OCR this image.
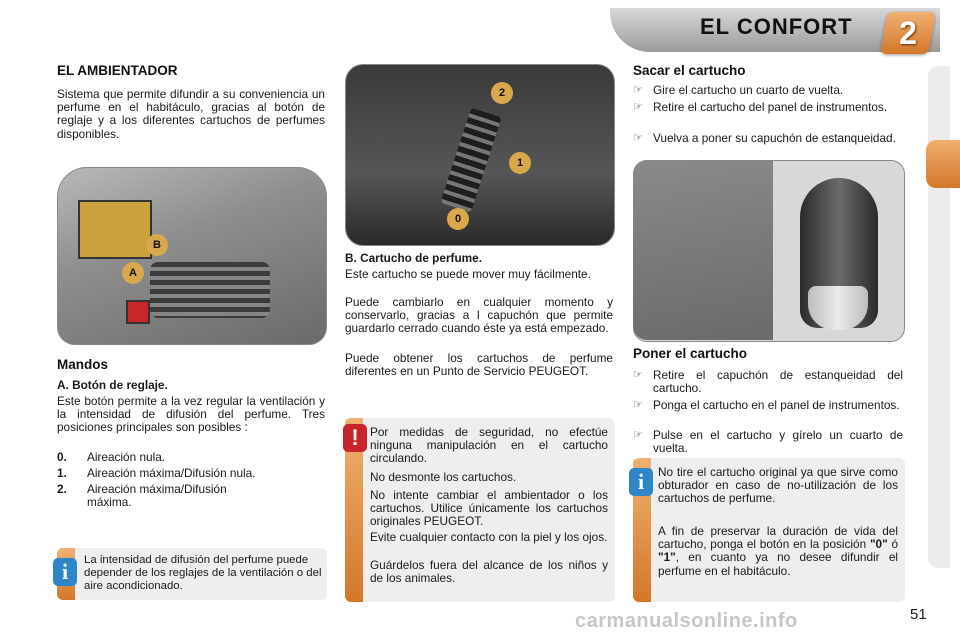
EL CONFORT	2
EL AMBIENTADOR
Sistema que permite difundir a su conveniencia un perfume en el habitáculo, gracias al botón de reglaje y a los diferentes cartuchos de perfumes disponibles.
B
A
Mandos
A. Botón de reglaje.
Este botón permite a la vez regular la ventilación y la intensidad de difusión del perfume. Tres posiciones principales son posibles :
0. Aireación nula.
1. Aireación máxima/Difusión nula.
2. Aireación máxima/Difusión máxima.
i	La intensidad de difusión del perfume puede depender de los reglajes de la ventilación o del aire acondicionado.
2
1
0
B. Cartucho de perfume.
Este cartucho se puede mover muy fácilmente.
Puede cambiarlo en cualquier momento y conservarlo, gracias a l capuchón que permite guardarlo cerrado cuando éste ya está empezado.
Puede obtener los cartuchos de perfume diferentes en un Punto de Servicio PEUGEOT.
! Por medidas de seguridad, no efectúe ninguna manipulación en el cartucho circulando.
No desmonte los cartuchos.
No intente cambiar el ambientador o los cartuchos. Utilice únicamente los cartuchos originales PEUGEOT.
Evite cualquier contacto con la piel y los ojos.
Guárdelos fuera del alcance de los niños y de los animales.
Sacar el cartucho
☞ Gire el cartucho un cuarto de vuelta.
☞ Retire el cartucho del panel de instrumentos.
☞ Vuelva a poner su capuchón de estanqueidad.
Poner el cartucho
☞ Retire el capuchón de estanqueidad del cartucho.
☞ Ponga el cartucho en el panel de instrumentos.
☞ Pulse en el cartucho y gírelo un cuarto de vuelta.
i	No tire el cartucho original ya que sirve como obturador en caso de no-utilización de los cartuchos de perfume.
A fin de preservar la duración de vida del cartucho, ponga el botón en la posición "0" ó "1", en cuanto ya no desee difundir el perfume en el habitáculo.
carmanualsonline.info	51
